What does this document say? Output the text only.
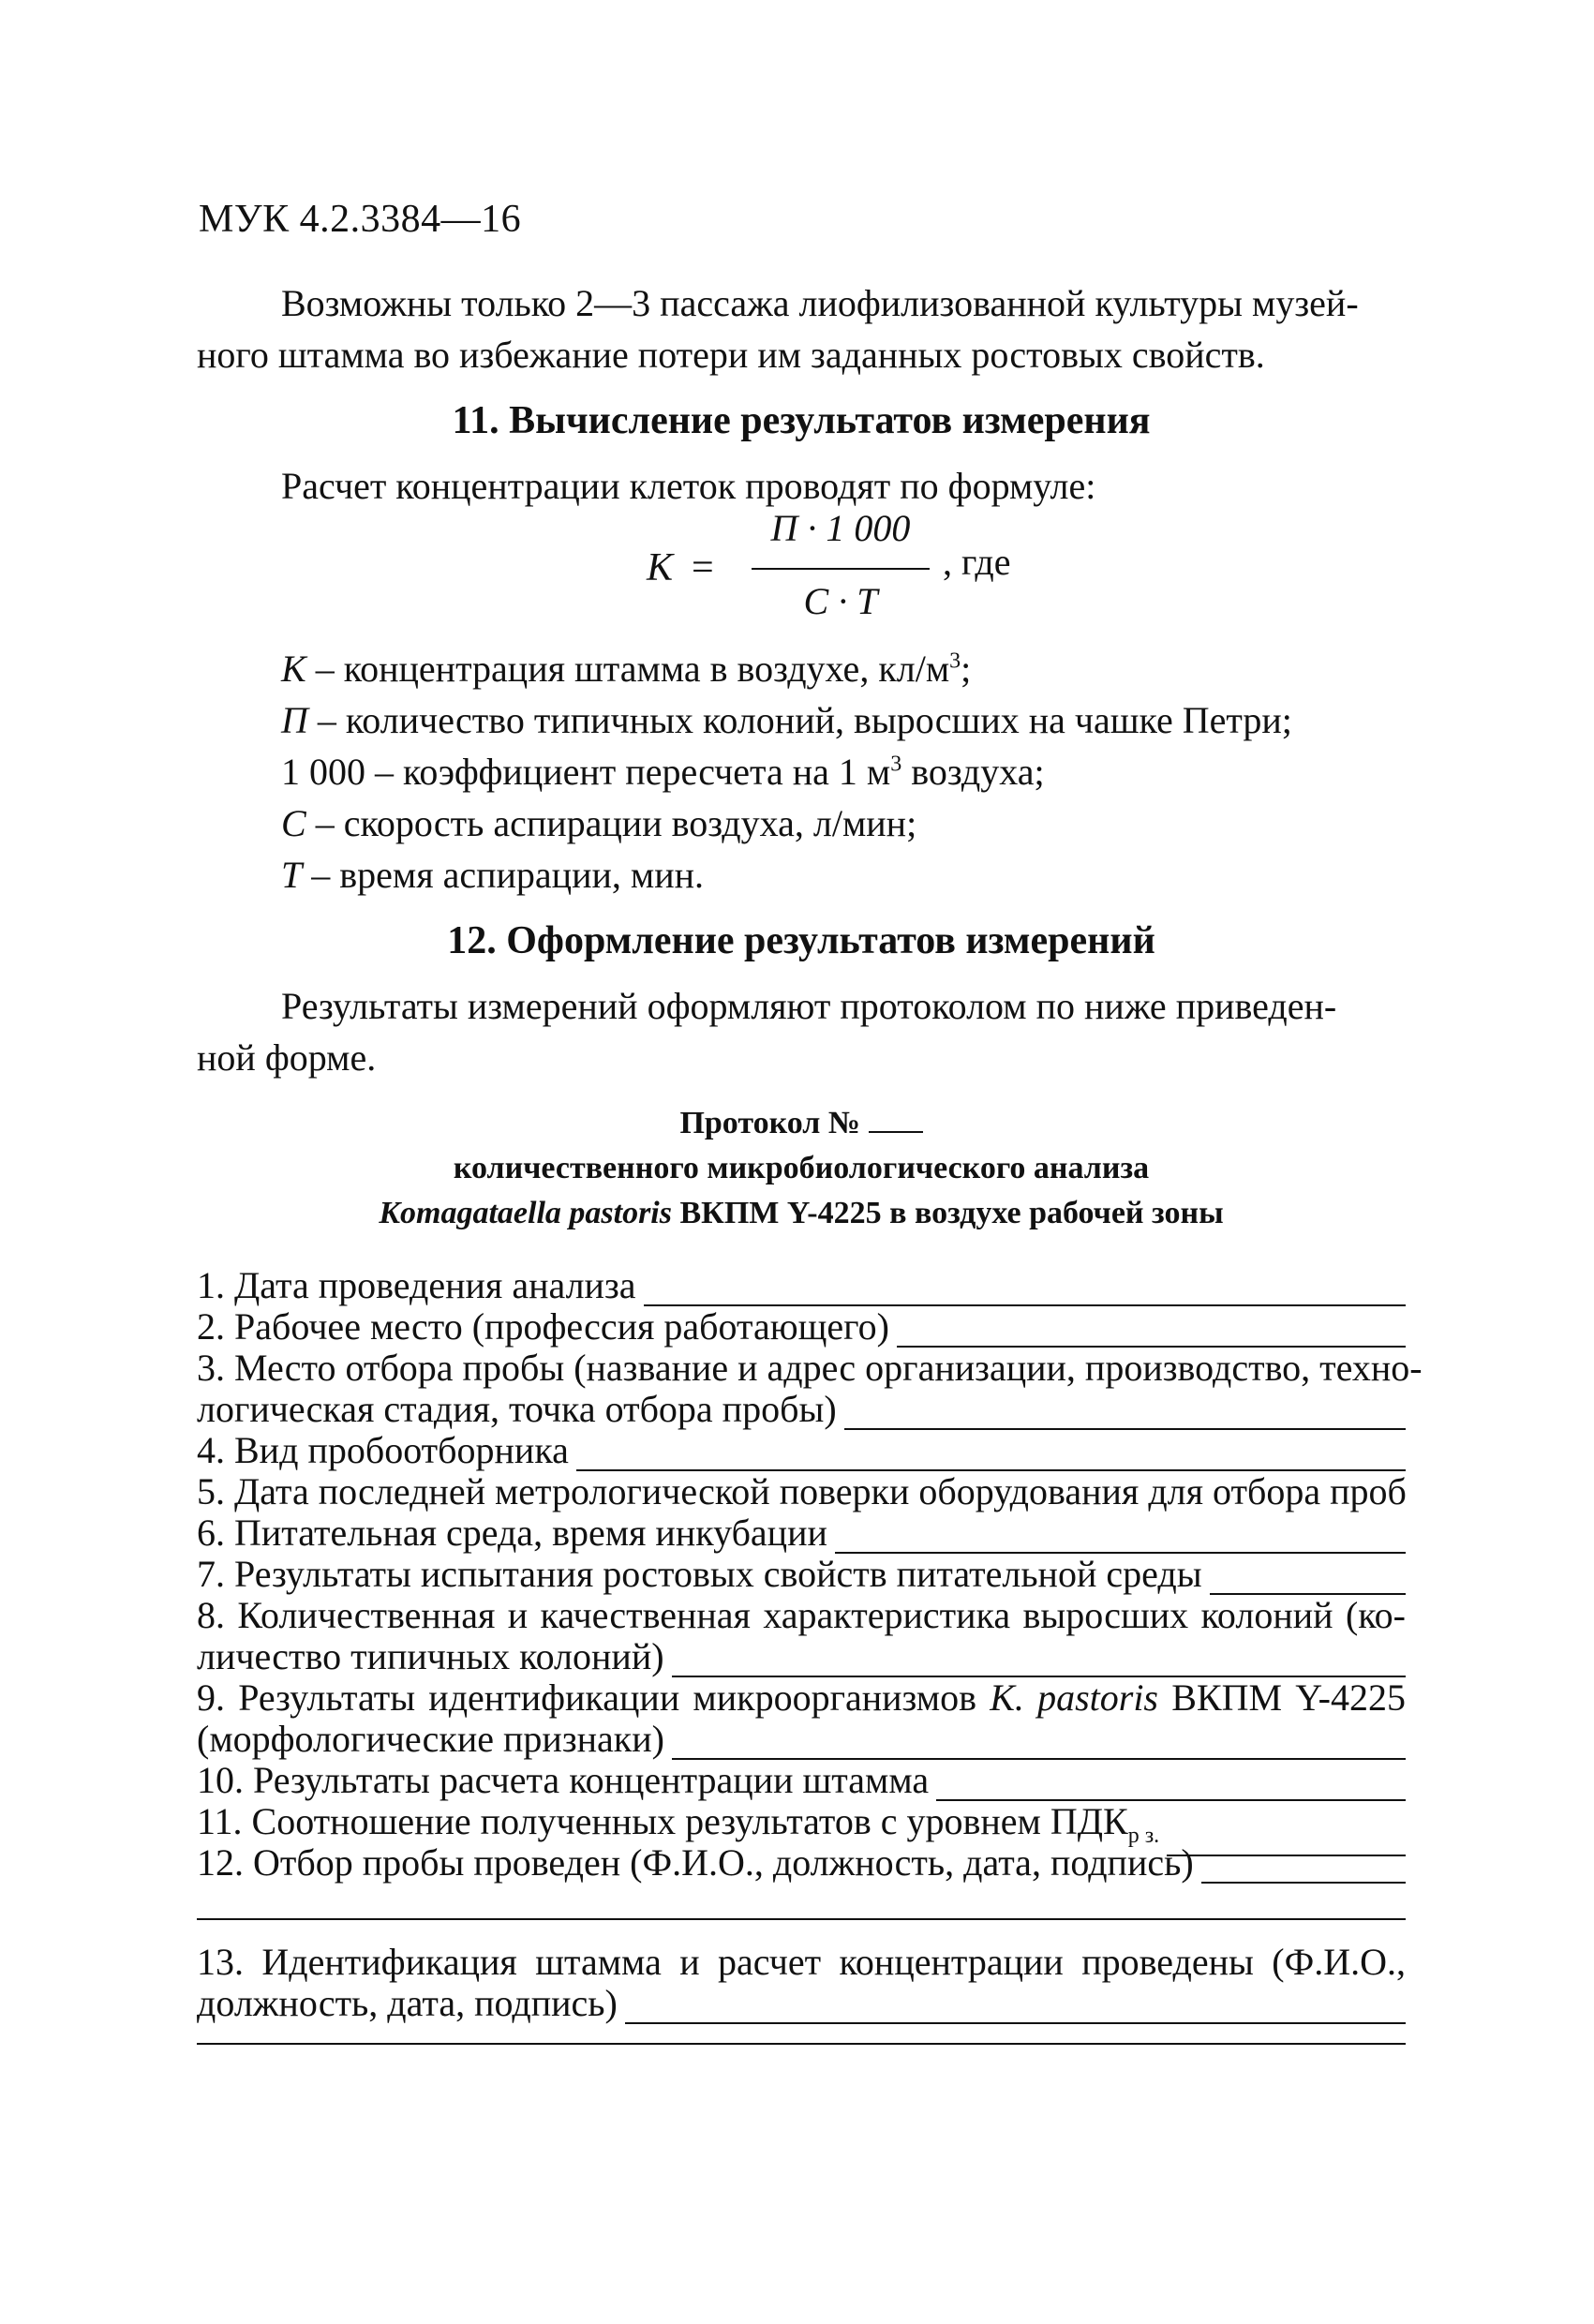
МУК 4.2.3384—16
Возможны только 2—3 пассажа лиофилизованной культуры музей-
ного штамма во избежание потери им заданных ростовых свойств.
11. Вычисление результатов измерения
Расчет концентрации клеток проводят по формуле:
K =
П · 1 000
C · T
, где
K – концентрация штамма в воздухе, $кл/м^3$;
П – количество типичных колоний, выросших на чашке Петри;
1 000 – коэффициент пересчета на 1 $м^3$ воздуха;
C – скорость аспирации воздуха, л/мин;
T – время аспирации, мин.
12. Оформление результатов измерений
Результаты измерений оформляют протоколом по ниже приведен-
ной форме.
Протокол №
количественного микробиологического анализа
Komagataella pastoris ВКПМ Y-4225 в воздухе рабочей зоны
1. Дата проведения анализа
2. Рабочее место (профессия работающего)
3. Место отбора пробы (название и адрес организации, производство, техно-
логическая стадия, точка отбора пробы)
4. Вид пробоотборника
5. Дата последней метрологической поверки оборудования для отбора проб
6. Питательная среда, время инкубации
7. Результаты испытания ростовых свойств питательной среды
8. Количественная и качественная характеристика выросших колоний (ко-
личество типичных колоний)
9. Результаты идентификации микроорганизмов K. pastoris ВКПМ Y-4225
(морфологические признаки)
10. Результаты расчета концентрации штамма
11. Соотношение полученных результатов с уровнем $ПДК_{р з.}$
12. Отбор пробы проведен (Ф.И.О., должность, дата, подпись)
13. Идентификация штамма и расчет концентрации проведены (Ф.И.О.,
должность, дата, подпись)
